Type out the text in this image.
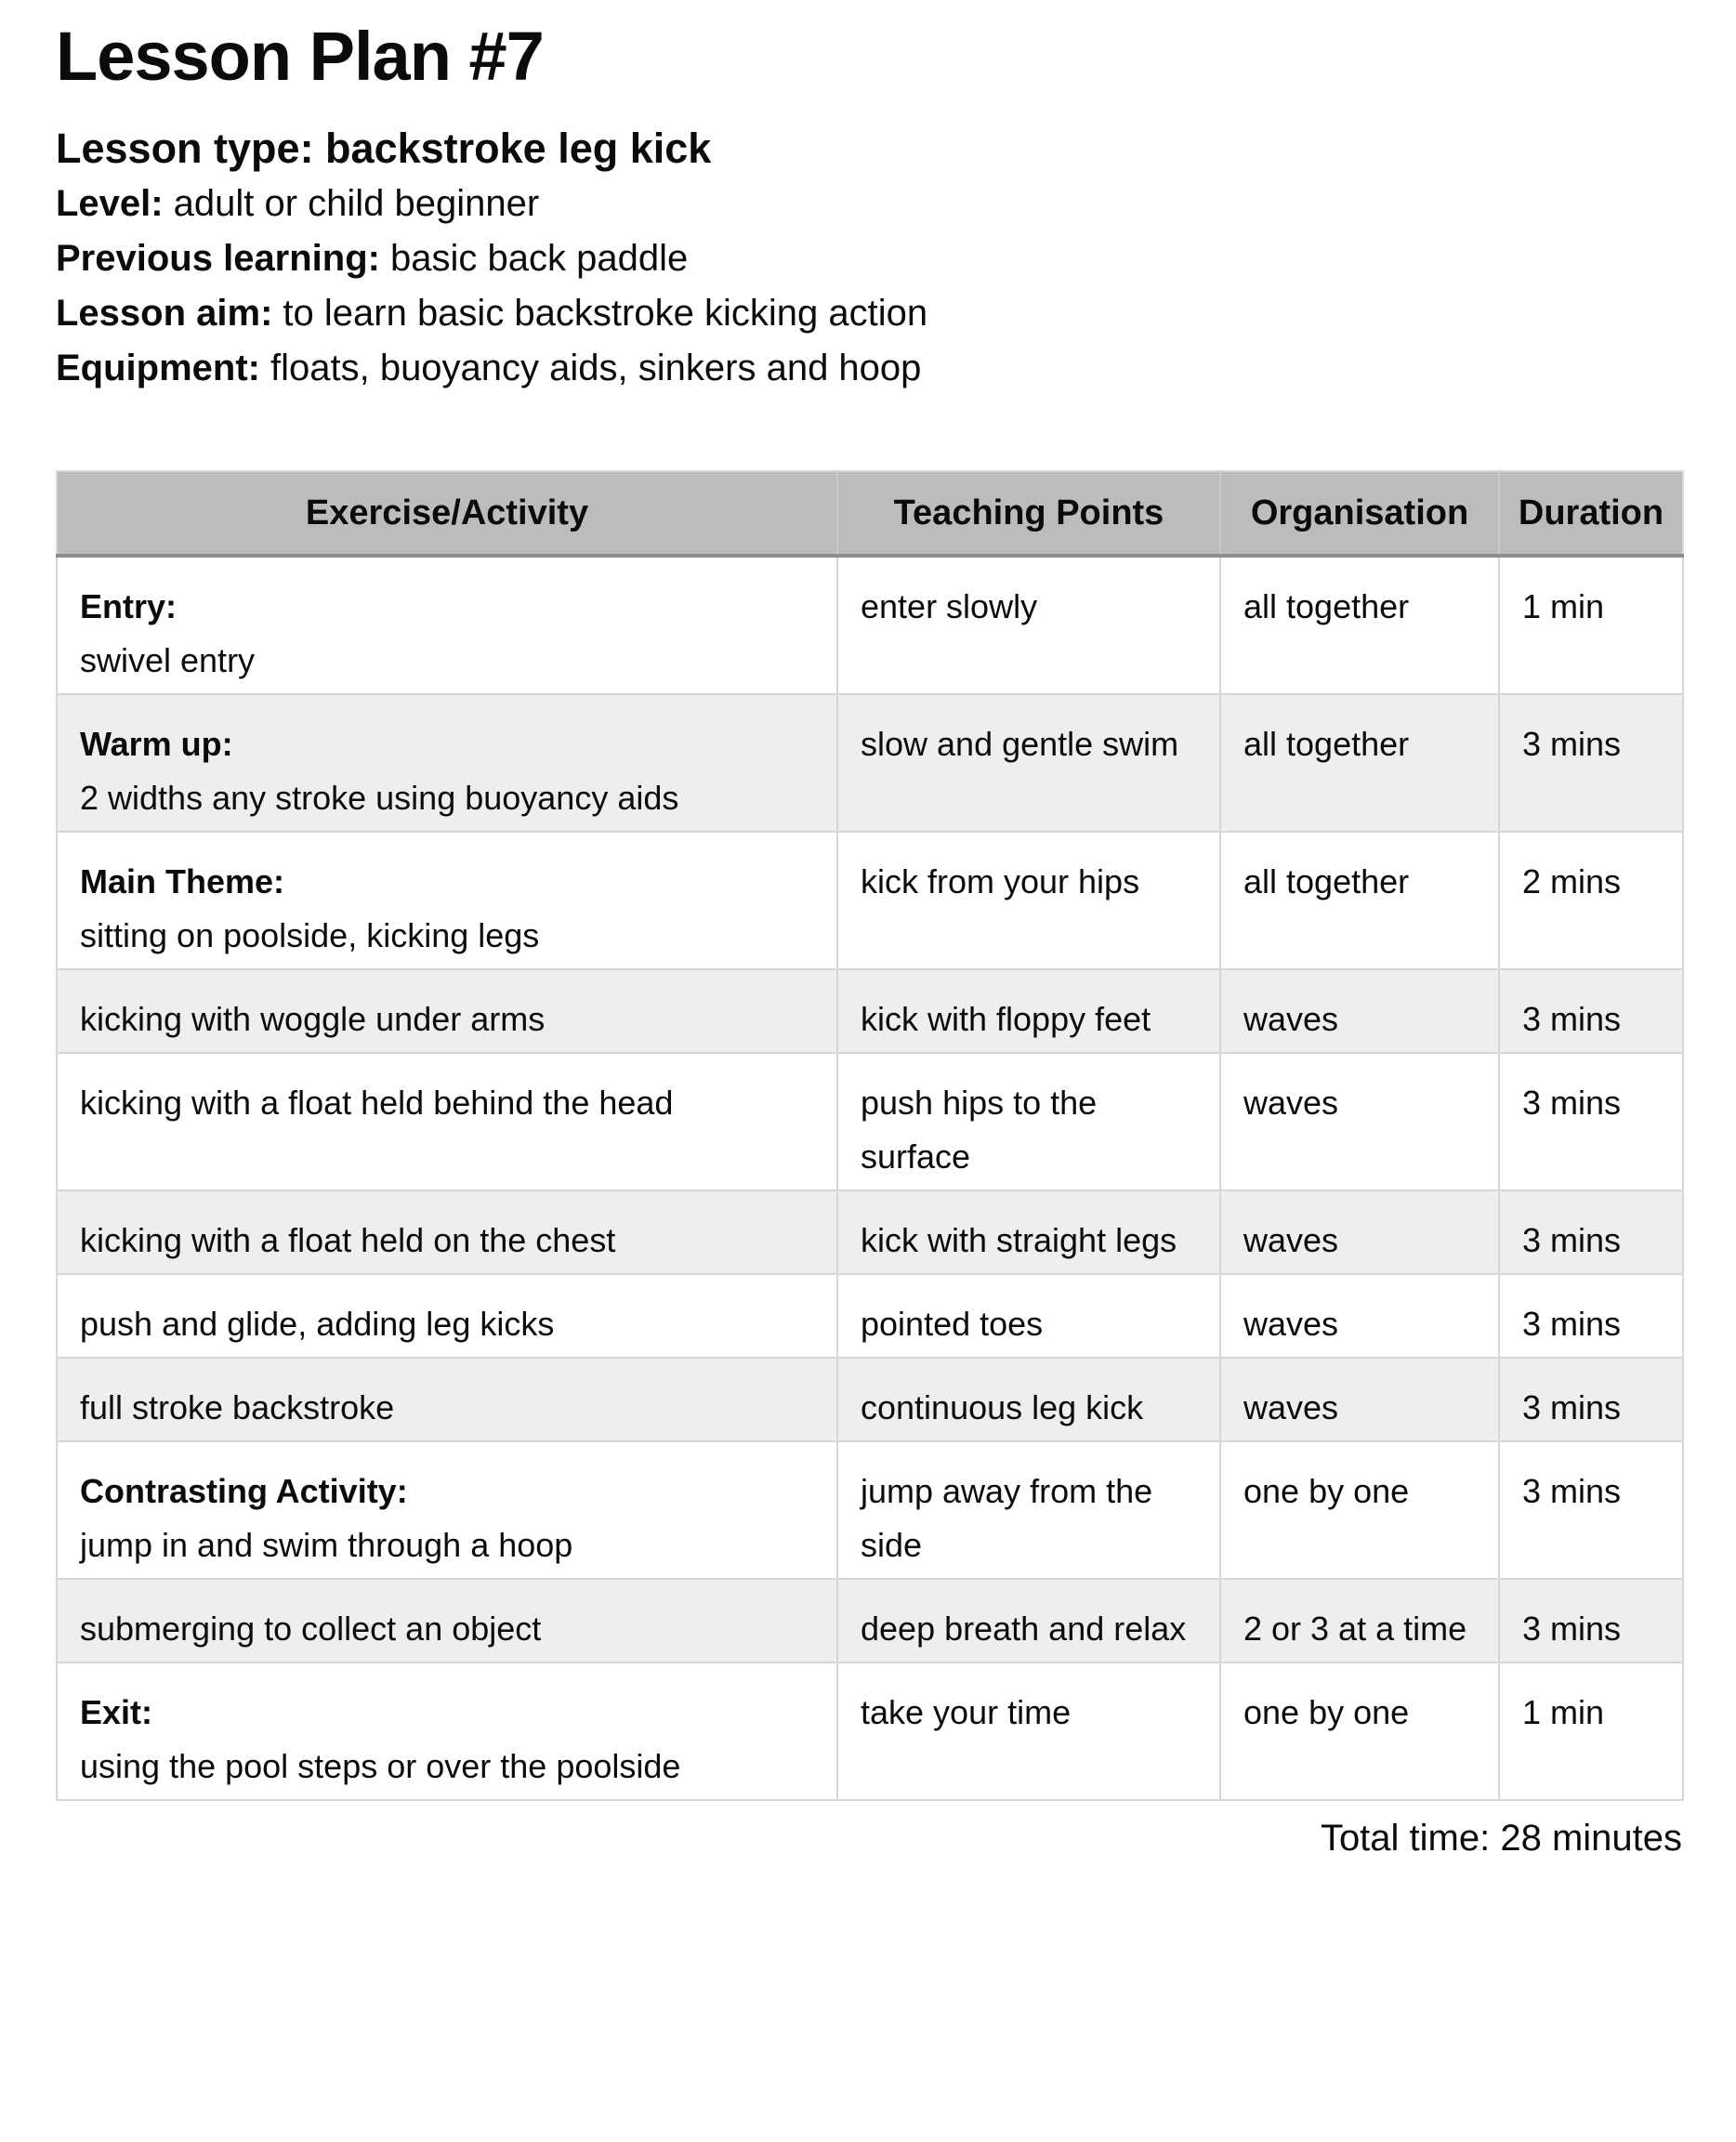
Lesson Plan #7
Lesson type: backstroke leg kick
Level: adult or child beginner
Previous learning: basic back paddle
Lesson aim: to learn basic backstroke kicking action
Equipment: floats, buoyancy aids, sinkers and hoop
Exercise/Activity	Teaching Points	Organisation	Duration

Entry:
swivel entry	enter slowly	all together	1 min

Warm up:
2 widths any stroke using buoyancy aids	slow and gentle swim	all together	3 mins

Main Theme:
sitting on poolside, kicking legs	kick from your hips	all together	2 mins

kicking with woggle under arms	kick with floppy feet	waves	3 mins

kicking with a float held behind the head	push hips to the surface	waves	3 mins

kicking with a float held on the chest	kick with straight legs	waves	3 mins

push and glide, adding leg kicks	pointed toes	waves	3 mins

full stroke backstroke	continuous leg kick	waves	3 mins

Contrasting Activity:
jump in and swim through a hoop	jump away from the side	one by one	3 mins

submerging to collect an object	deep breath and relax	2 or 3 at a time	3 mins

Exit:
using the pool steps or over the poolside	take your time	one by one	1 min
Total time: 28 minutes
